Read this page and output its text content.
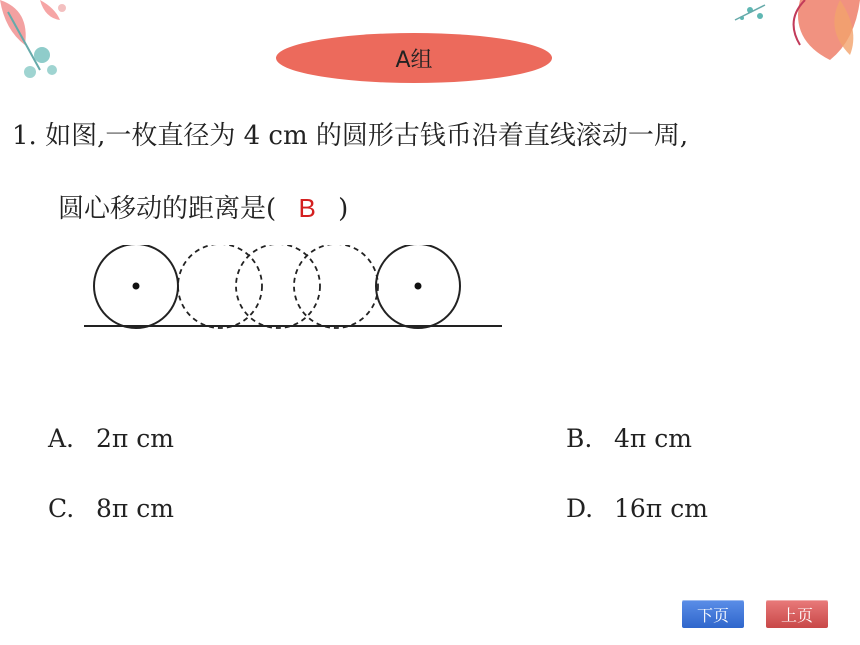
A组
1. 如图,一枚直径为 4 cm 的圆形古钱币沿着直线滚动一周,
圆心移动的距离是( B )
A. 2π cm	B. 4π cm
C. 8π cm	D. 16π cm
下页	上页
